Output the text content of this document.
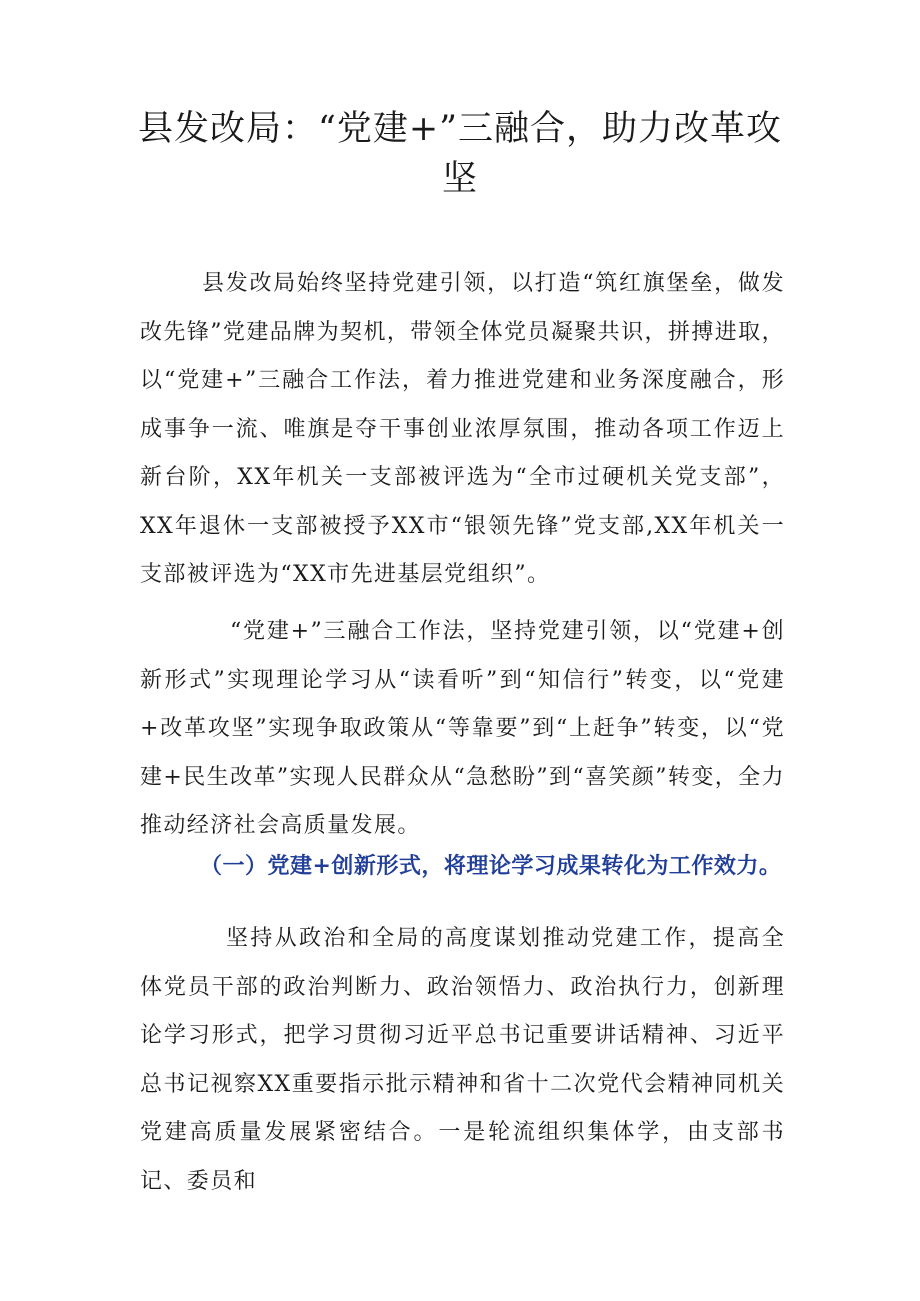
县发改局：“党建+”三融合，助力改革攻坚

县发改局始终坚持党建引领，以打造“筑红旗堡垒，做发改先锋”党建品牌为契机，带领全体党员凝聚共识，拼搏进取，以“党建+”三融合工作法，着力推进党建和业务深度融合，形成事争一流、唯旗是夺干事创业浓厚氛围，推动各项工作迈上新台阶，XX年机关一支部被评选为“全市过硬机关党支部”，XX年退休一支部被授予XX市“银领先锋”党支部,XX年机关一支部被评选为“XX市先进基层党组织”。

“党建+”三融合工作法，坚持党建引领，以“党建+创新形式”实现理论学习从“读看听”到“知信行”转变，以“党建+改革攻坚”实现争取政策从“等靠要”到“上赶争”转变，以“党建+民生改革”实现人民群众从“急愁盼”到“喜笑颜”转变，全力推动经济社会高质量发展。

（一）党建+创新形式，将理论学习成果转化为工作效力。

坚持从政治和全局的高度谋划推动党建工作，提高全体党员干部的政治判断力、政治领悟力、政治执行力，创新理论学习形式，把学习贯彻习近平总书记重要讲话精神、习近平总书记视察XX重要指示批示精神和省十二次党代会精神同机关党建高质量发展紧密结合。一是轮流组织集体学，由支部书记、委员和
